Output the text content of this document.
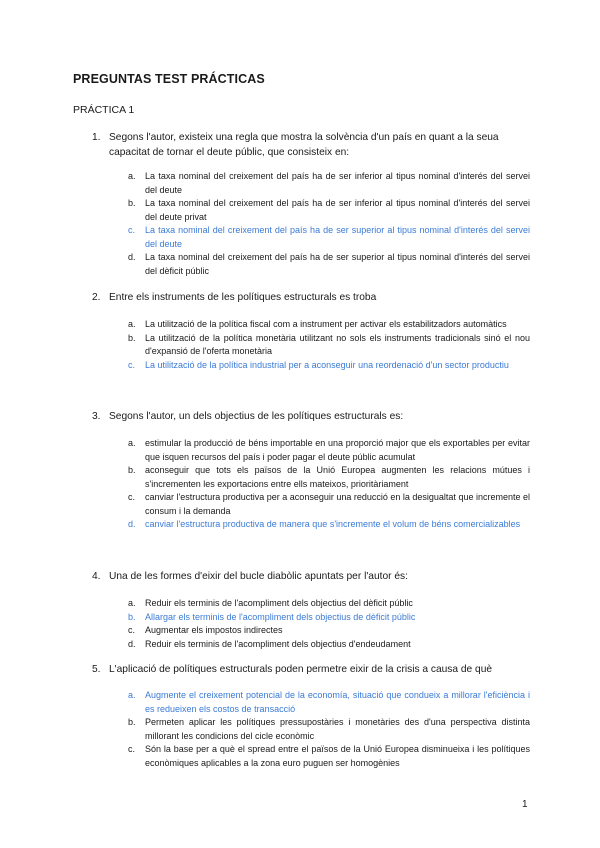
PREGUNTAS TEST PRÁCTICAS
PRÁCTICA 1
1. Segons l'autor, existeix una regla que mostra la solvència d'un país en quant a la seua capacitat de tornar el deute públic, que consisteix en:
a. La taxa nominal del creixement del país ha de ser inferior al tipus nominal d'interés del servei del deute
b. La taxa nominal del creixement del país ha de ser inferior al tipus nominal d'interés del servei del deute privat
c. La taxa nominal del creixement del país ha de ser superior al tipus nominal d'interés del servei del deute
d. La taxa nominal del creixement del país ha de ser superior al tipus nominal d'interés del servei del dèficit públic
2. Entre els instruments de les polítiques estructurals es troba
a. La utilització de la política fiscal com a instrument per activar els estabilitzadors automàtics
b. La utilització de la política monetària utilitzant no sols els instruments tradicionals sinó el nou d'expansió de l'oferta monetària
c. La utilització de la política industrial per a aconseguir una reordenació d'un sector productiu
3. Segons l'autor, un dels objectius de les polítiques estructurals es:
a. estimular la producció de béns importable en una proporció major que els exportables per evitar que isquen recursos del país i poder pagar el deute públic acumulat
b. aconseguir que tots els països de la Unió Europea augmenten les relacions mútues i s'incrementen les exportacions entre ells mateixos, prioritàriament
c. canviar l'estructura productiva per a aconseguir una reducció en la desigualtat que incremente el consum i la demanda
d. canviar l'estructura productiva de manera que s'incremente el volum de béns comercializables
4. Una de les formes d'eixir del bucle diabòlic apuntats per l'autor és:
a. Reduir els terminis de l'acompliment dels objectius del dèficit públic
b. Allargar els terminis de l'acompliment dels objectius de dèficit públic
c. Augmentar els impostos indirectes
d. Reduir els terminis de l'acompliment dels objectius d'endeudament
5. L'aplicació de polítiques estructurals poden permetre eixir de la crisis a causa de què
a. Augmente el creixement potencial de la economía, situació que condueix a millorar l'eficiència i es redueixen els costos de transacció
b. Permeten aplicar les polítiques pressupostàries i monetàries des d'una perspectiva distinta millorant les condicions del cicle econòmic
c. Són la base per a què el spread entre el països de la Unió Europea disminueixa i les polítiques econòmiques aplicables a la zona euro puguen ser homogènies
1
